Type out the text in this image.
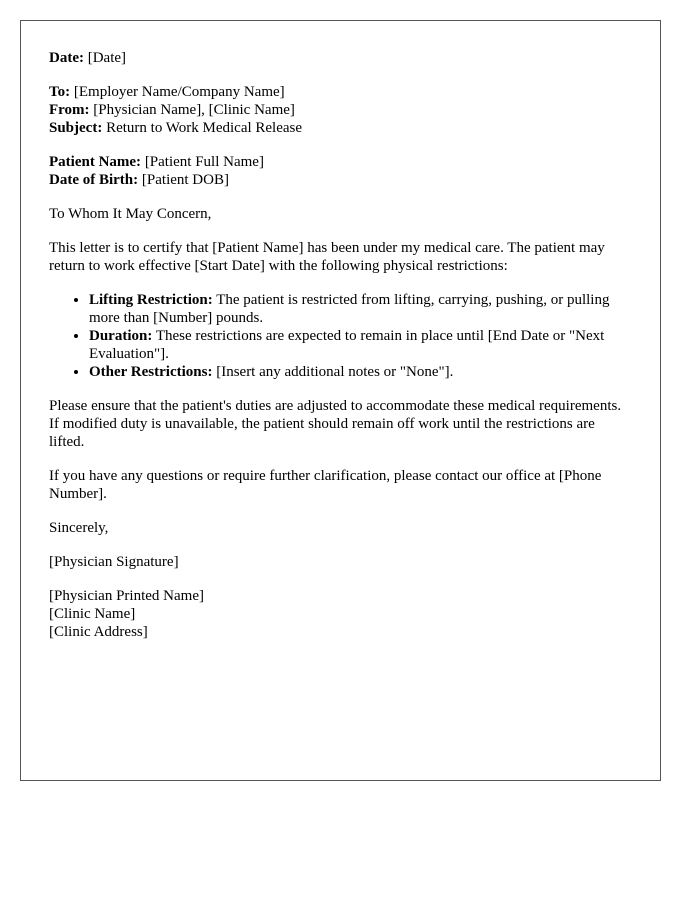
Date: [Date]

To: [Employer Name/Company Name]
From: [Physician Name], [Clinic Name]
Subject: Return to Work Medical Release

Patient Name: [Patient Full Name]
Date of Birth: [Patient DOB]

To Whom It May Concern,

This letter is to certify that [Patient Name] has been under my medical care. The patient may return to work effective [Start Date] with the following physical restrictions:

• Lifting Restriction: The patient is restricted from lifting, carrying, pushing, or pulling more than [Number] pounds.
• Duration: These restrictions are expected to remain in place until [End Date or "Next Evaluation"].
• Other Restrictions: [Insert any additional notes or "None"].

Please ensure that the patient's duties are adjusted to accommodate these medical requirements. If modified duty is unavailable, the patient should remain off work until the restrictions are lifted.

If you have any questions or require further clarification, please contact our office at [Phone Number].

Sincerely,

[Physician Signature]

[Physician Printed Name]
[Clinic Name]
[Clinic Address]
